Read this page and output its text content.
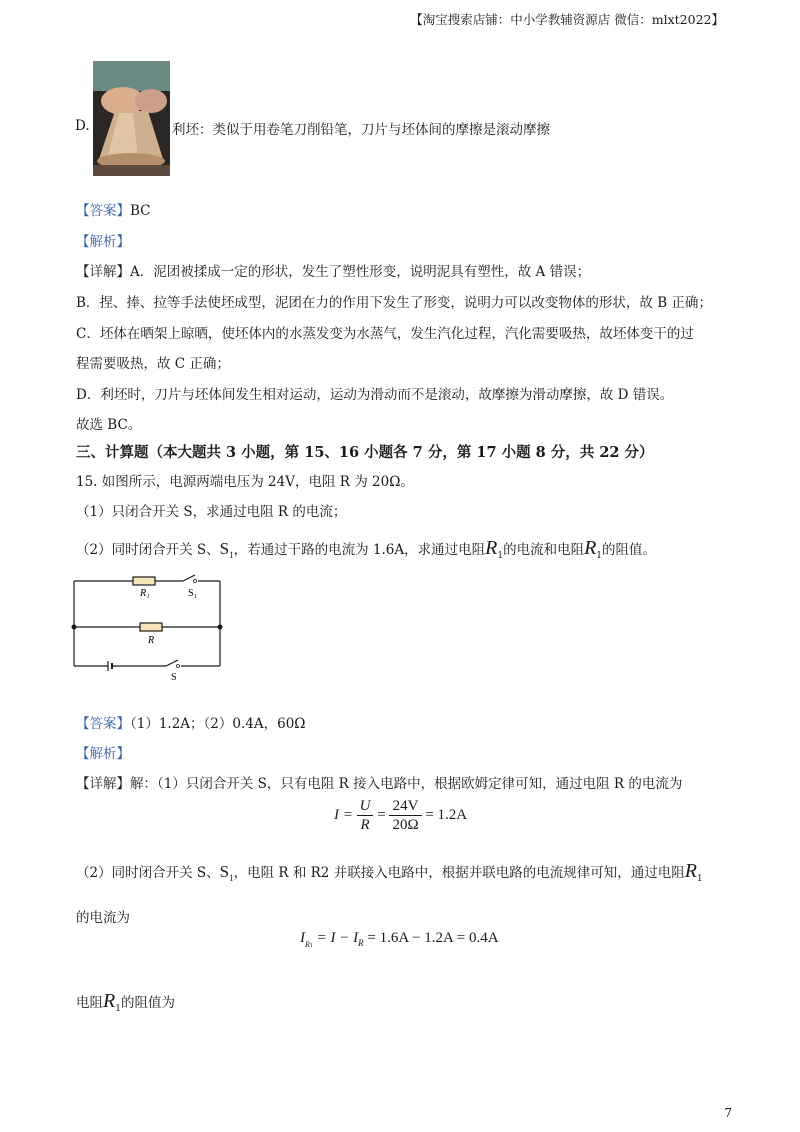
【淘宝搜索店铺：中小学教辅资源店 微信：mlxt2022】
D.	利坯：类似于用卷笔刀削铅笔，刀片与坯体间的摩擦是滚动摩擦
【答案】BC
【解析】
【详解】A．泥团被揉成一定的形状，发生了塑性形变，说明泥具有塑性，故 A 错误；
B．捏、捧、拉等手法使坯成型，泥团在力的作用下发生了形变，说明力可以改变物体的形状，故 B 正确；
C．坯体在晒架上晾晒，使坯体内的水蒸发变为水蒸气，发生汽化过程，汽化需要吸热，故坯体变干的过
程需要吸热，故 C 正确；
D．利坯时，刀片与坯体间发生相对运动，运动为滑动而不是滚动，故摩擦为滑动摩擦，故 D 错误。
故选 BC。
三、计算题（本大题共 3 小题，第 15、16 小题各 7 分，第 17 小题 8 分，共 22 分）
15. 如图所示，电源两端电压为 24V，电阻 R 为 20Ω。
（1）只闭合开关 S，求通过电阻 R 的电流；
（2）同时闭合开关 S、$S_1$，若通过干路的电流为 1.6A，求通过电阻$R_1$的电流和电阻$R_1$的阻值。
R₁	S₁
R
S
【答案】（1）1.2A；（2）0.4A，60Ω
【解析】
【详解】解：（1）只闭合开关 S，只有电阻 R 接入电路中，根据欧姆定律可知，通过电阻 R 的电流为
$I = \frac{U}{R} = \frac{24V}{20\Omega} = 1.2A$
（2）同时闭合开关 S、$S_1$，电阻 R 和 R2 并联接入电路中，根据并联电路的电流规律可知，通过电阻$R_1$
的电流为
$I_{R1} = I - I_R = 1.6A - 1.2A = 0.4A$
电阻$R_1$的阻值为
7
